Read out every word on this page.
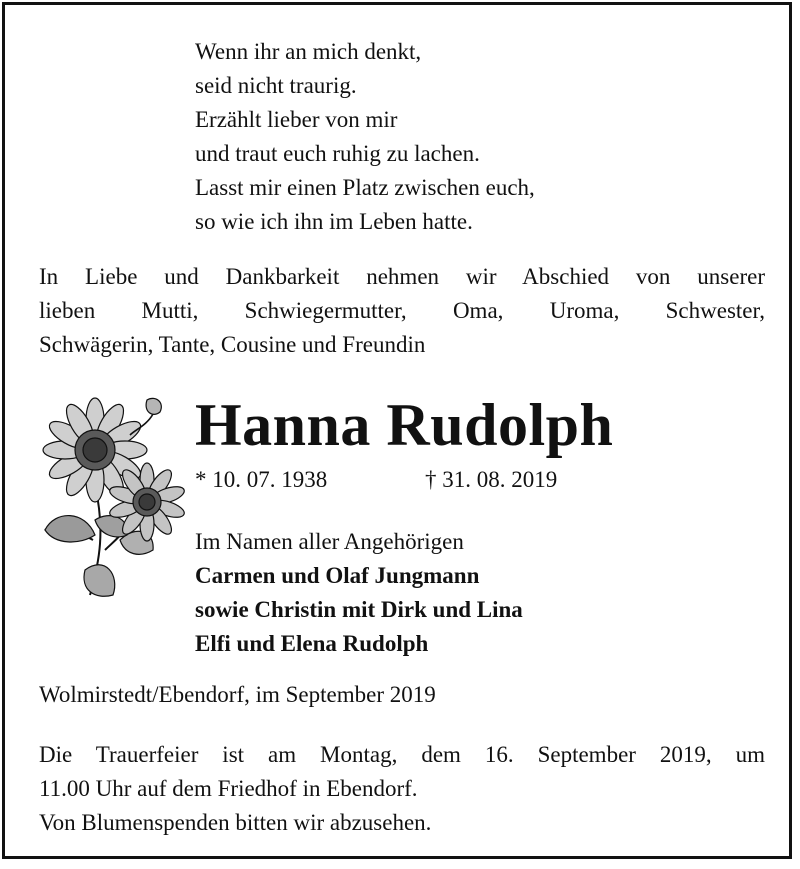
Wenn ihr an mich denkt,
seid nicht traurig.
Erzählt lieber von mir
und traut euch ruhig zu lachen.
Lasst mir einen Platz zwischen euch,
so wie ich ihn im Leben hatte.
In Liebe und Dankbarkeit nehmen wir Abschied von unserer
lieben Mutti, Schwiegermutter, Oma, Uroma, Schwester,
Schwägerin, Tante, Cousine und Freundin
Hanna Rudolph
* 10. 07. 1938	† 31. 08. 2019
Im Namen aller Angehörigen
Carmen und Olaf Jungmann
sowie Christin mit Dirk und Lina
Elfi und Elena Rudolph
Wolmirstedt/Ebendorf, im September 2019
Die Trauerfeier ist am Montag, dem 16. September 2019, um
11.00 Uhr auf dem Friedhof in Ebendorf.
Von Blumenspenden bitten wir abzusehen.
